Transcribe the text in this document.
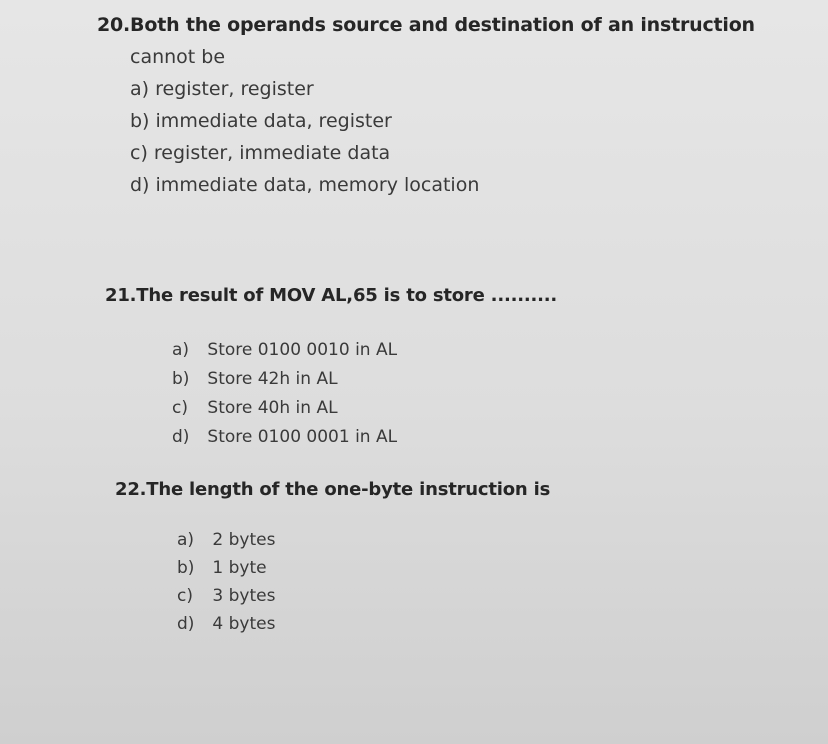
20.Both the operands source and destination of an instruction
cannot be
a) register, register
b) immediate data, register
c) register, immediate data
d) immediate data, memory location
21.The result of MOV AL,65 is to store ..........
a) Store 0100 0010 in AL
b) Store 42h in AL
c) Store 40h in AL
d) Store 0100 0001 in AL
22.The length of the one-byte instruction is
a) 2 bytes
b) 1 byte
c) 3 bytes
d) 4 bytes
